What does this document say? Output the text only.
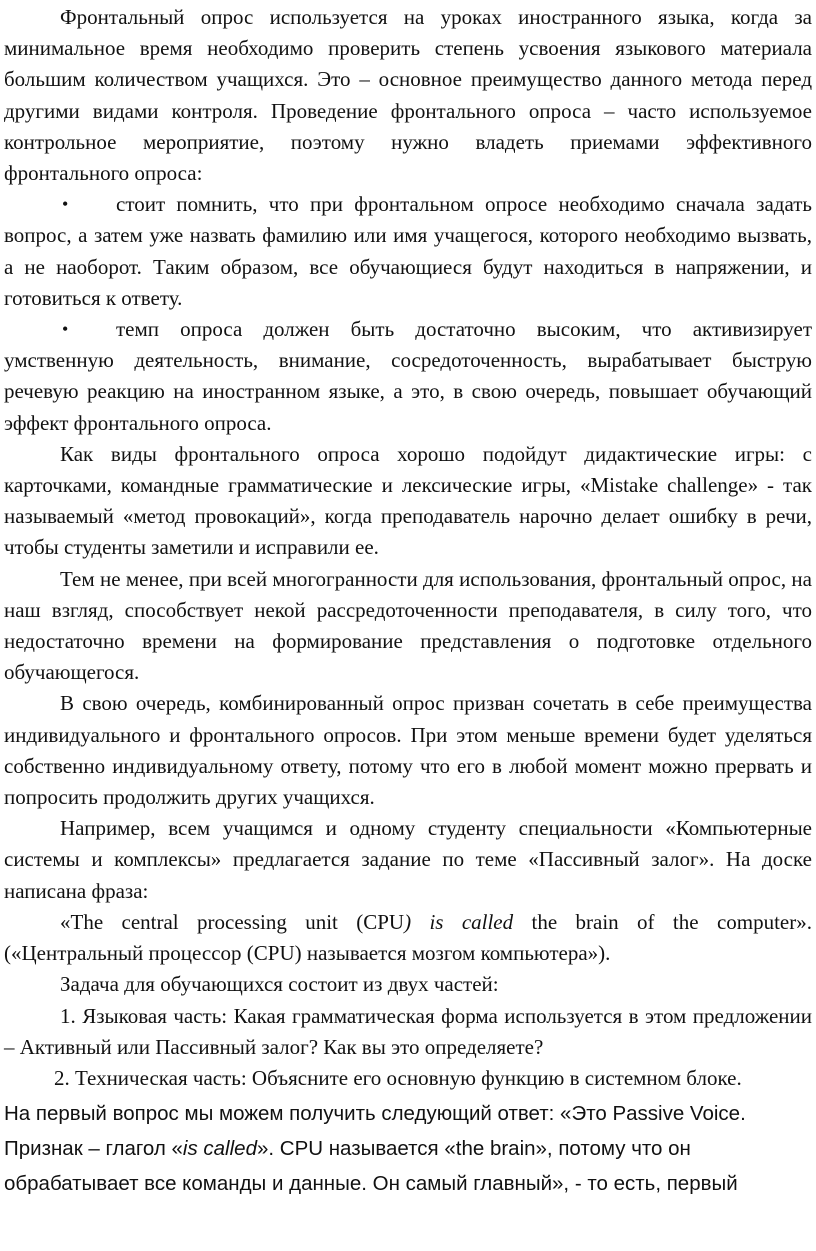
Фронтальный опрос используется на уроках иностранного языка, когда за минимальное время необходимо проверить степень усвоения языкового материала большим количеством учащихся. Это – основное преимущество данного метода перед другими видами контроля. Проведение фронтального опроса – часто используемое контрольное мероприятие, поэтому нужно владеть приемами эффективного фронтального опроса:

• стоит помнить, что при фронтальном опросе необходимо сначала задать вопрос, а затем уже назвать фамилию или имя учащегося, которого необходимо вызвать, а не наоборот. Таким образом, все обучающиеся будут находиться в напряжении, и готовиться к ответу.

• темп опроса должен быть достаточно высоким, что активизирует умственную деятельность, внимание, сосредоточенность, вырабатывает быструю речевую реакцию на иностранном языке, а это, в свою очередь, повышает обучающий эффект фронтального опроса.

Как виды фронтального опроса хорошо подойдут дидактические игры: с карточками, командные грамматические и лексические игры, «Mistake challenge» - так называемый «метод провокаций», когда преподаватель нарочно делает ошибку в речи, чтобы студенты заметили и исправили ее.

Тем не менее, при всей многогранности для использования, фронтальный опрос, на наш взгляд, способствует некой рассредоточенности преподавателя, в силу того, что недостаточно времени на формирование представления о подготовке отдельного обучающегося.

В свою очередь, комбинированный опрос призван сочетать в себе преимущества индивидуального и фронтального опросов. При этом меньше времени будет уделяться собственно индивидуальному ответу, потому что его в любой момент можно прервать и попросить продолжить других учащихся.

Например, всем учащимся и одному студенту специальности «Компьютерные системы и комплексы» предлагается задание по теме «Пассивный залог». На доске написана фраза:

«The central processing unit (CPU) is called the brain of the computer». («Центральный процессор (CPU) называется мозгом компьютера»).

Задача для обучающихся состоит из двух частей:

1. Языковая часть: Какая грамматическая форма используется в этом предложении – Активный или Пассивный залог? Как вы это определяете?

2. Техническая часть: Объясните его основную функцию в системном блоке.

На первый вопрос мы можем получить следующий ответ: «Это Passive Voice. Признак – глагол «is called». CPU называется «the brain», потому что он обрабатывает все команды и данные. Он самый главный», - то есть, первый
